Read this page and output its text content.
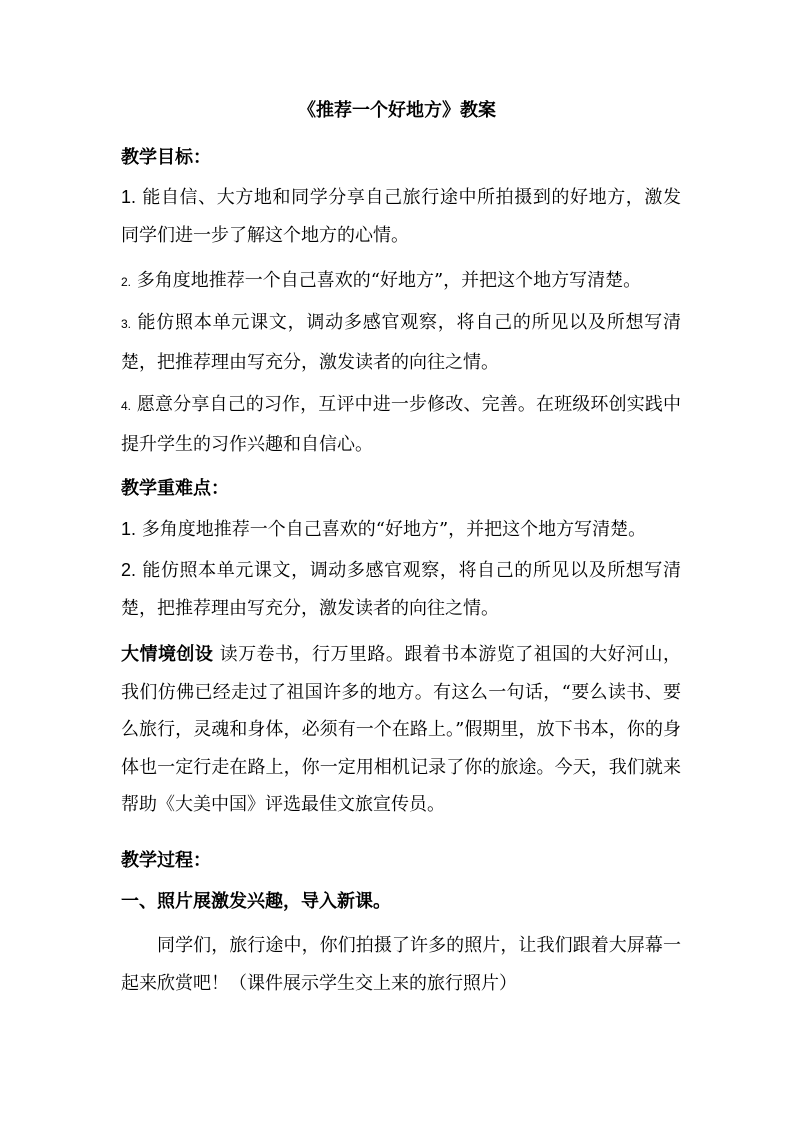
《推荐一个好地方》教案
教学目标：
1. 能自信、大方地和同学分享自己旅行途中所拍摄到的好地方，激发同学们进一步了解这个地方的心情。
2. 多角度地推荐一个自己喜欢的“好地方”，并把这个地方写清楚。
3. 能仿照本单元课文，调动多感官观察，将自己的所见以及所想写清楚，把推荐理由写充分，激发读者的向往之情。
4. 愿意分享自己的习作，互评中进一步修改、完善。在班级环创实践中提升学生的习作兴趣和自信心。
教学重难点：
1. 多角度地推荐一个自己喜欢的“好地方”，并把这个地方写清楚。
2. 能仿照本单元课文，调动多感官观察，将自己的所见以及所想写清楚，把推荐理由写充分，激发读者的向往之情。
大情境创设 读万卷书，行万里路。跟着书本游览了祖国的大好河山，我们仿佛已经走过了祖国许多的地方。有这么一句话，“要么读书、要么旅行，灵魂和身体，必须有一个在路上。”假期里，放下书本，你的身体也一定行走在路上，你一定用相机记录了你的旅途。今天，我们就来帮助《大美中国》评选最佳文旅宣传员。
教学过程：
一、照片展激发兴趣，导入新课。
同学们，旅行途中，你们拍摄了许多的照片，让我们跟着大屏幕一起来欣赏吧！（课件展示学生交上来的旅行照片）
